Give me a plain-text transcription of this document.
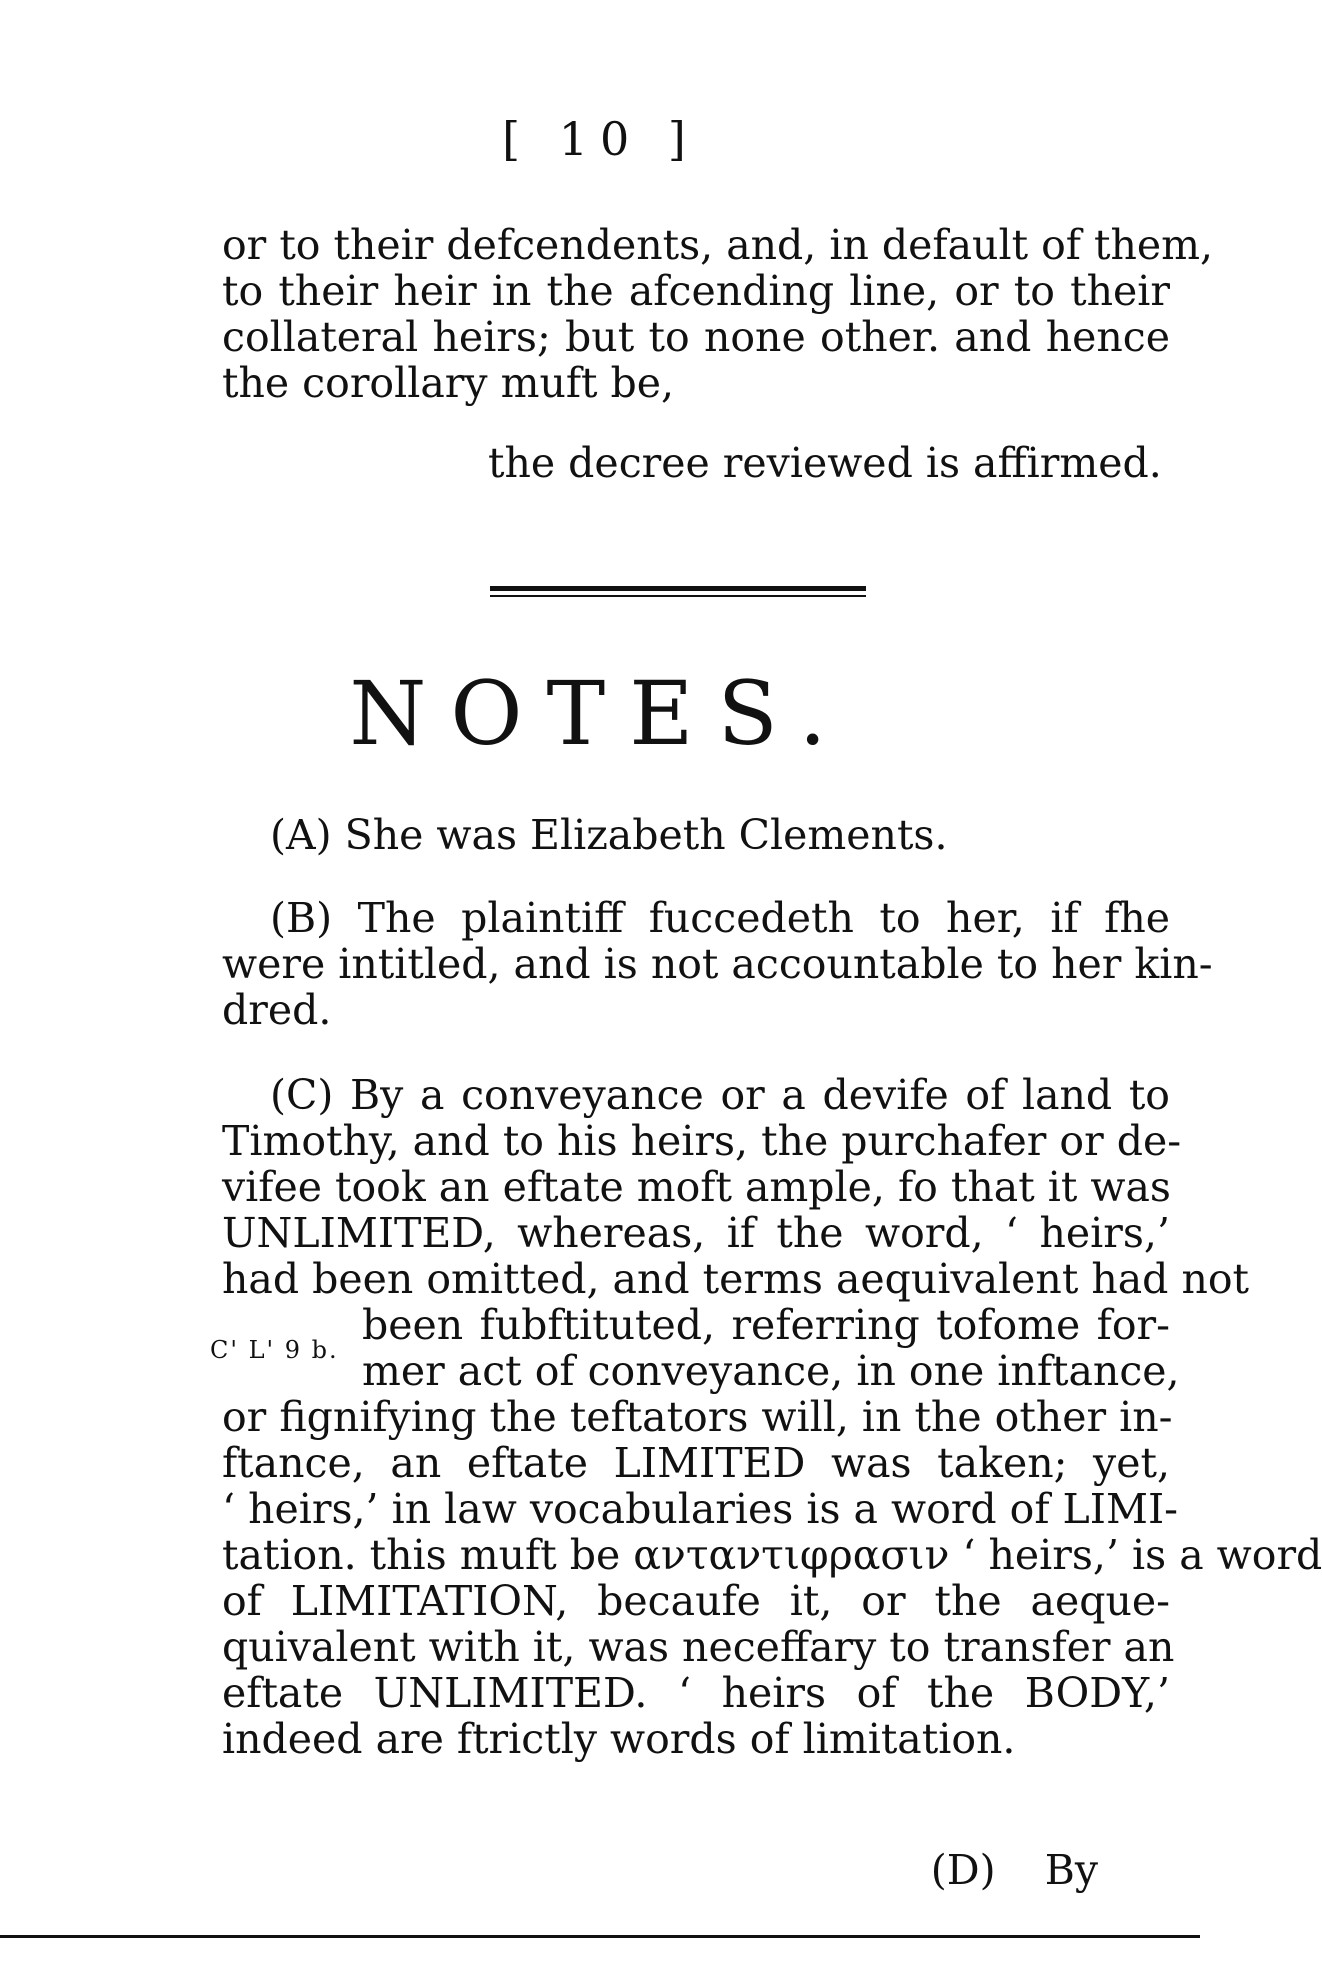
[ 10 ]
or to their defcendents, and, in default of them,
to their heir in the afcending line, or to their
collateral heirs; but to none other. and hence
the corollary muft be,
the decree reviewed is affirmed.
NOTES.
(A) She was Elizabeth Clements.
(B) The plaintiff fuccedeth to her, if fhe
were intitled, and is not accountable to her kin-
dred.
(C) By a conveyance or a devife of land to
Timothy, and to his heirs, the purchafer or de-
vifee took an eftate moft ample, fo that it was
UNLIMITED, whereas, if the word, ‘ heirs,’
had been omitted, and terms aequivalent had not
been fubftituted, referring tofome for-
mer act of conveyance, in one inftance,
or fignifying the teftators will, in the other in-
ftance, an eftate LIMITED was taken; yet,
‘ heirs,’ in law vocabularies is a word of LIMI-
tation. this muft be ανταντιφρασιν ‘ heirs,’ is a word
of LIMITATION, becaufe it, or the aeque-
quivalent with it, was neceffary to transfer an
eftate UNLIMITED. ‘ heirs of the BODY,’
indeed are ftrictly words of limitation.
C' L' 9 b.
(D) By
